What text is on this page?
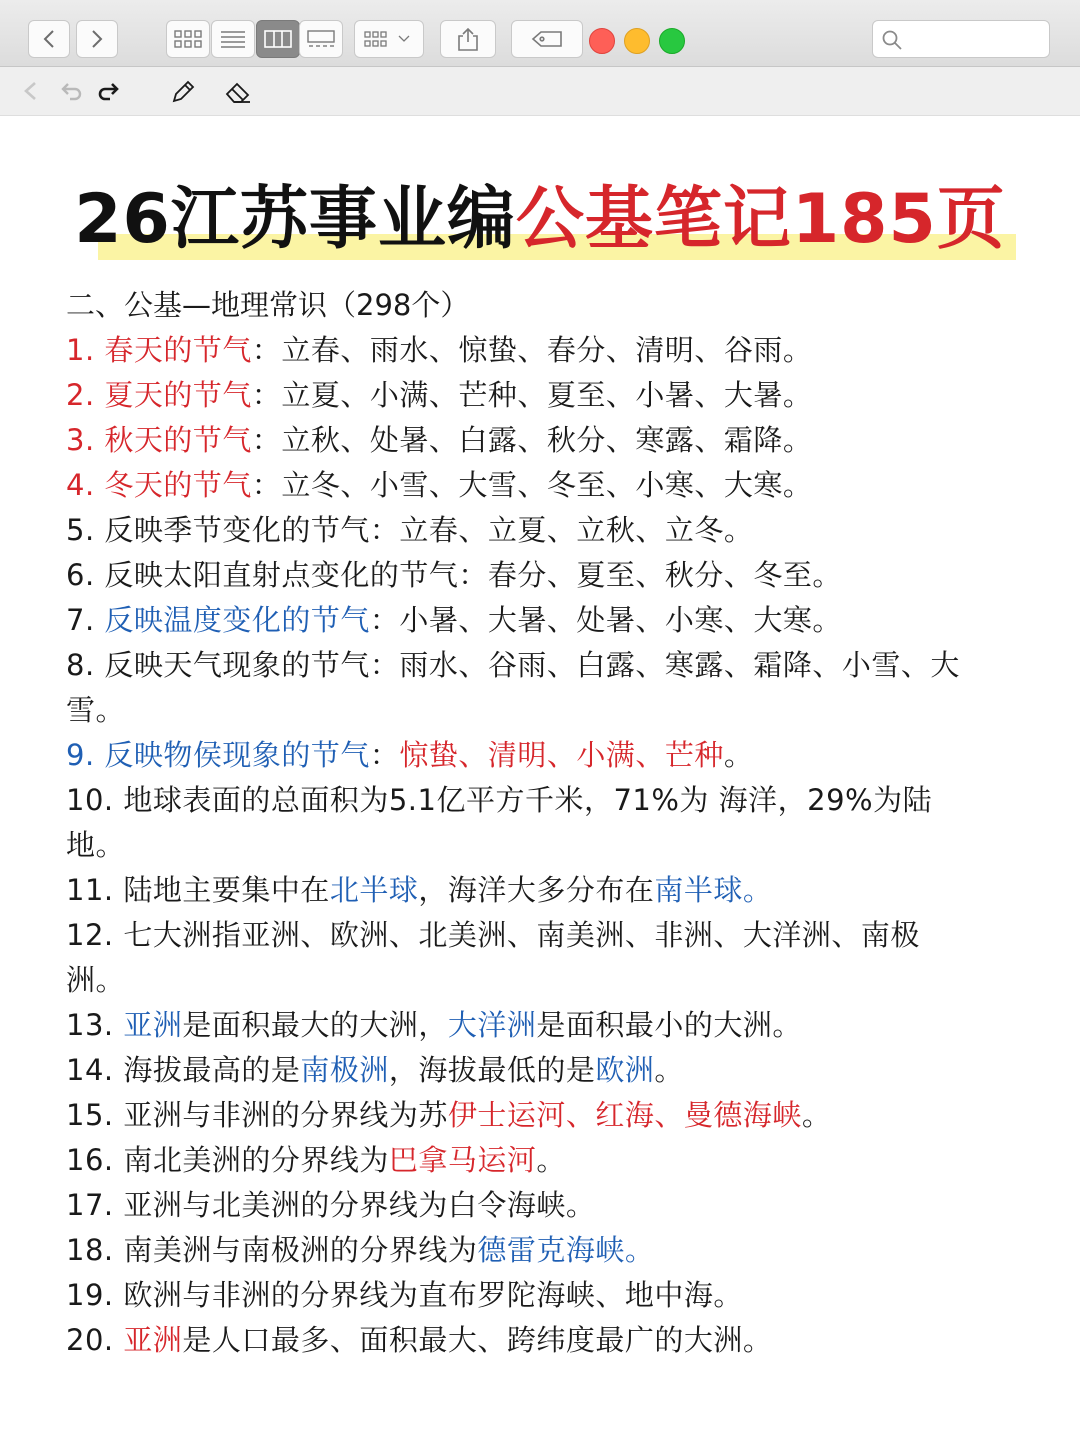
26江苏事业编公基笔记185页
二、公基—地理常识（298个）
1. 春天的节气：立春、雨水、惊蛰、春分、清明、谷雨。
2. 夏天的节气：立夏、小满、芒种、夏至、小暑、大暑。
3. 秋天的节气：立秋、处暑、白露、秋分、寒露、霜降。
4. 冬天的节气：立冬、小雪、大雪、冬至、小寒、大寒。
5. 反映季节变化的节气：立春、立夏、立秋、立冬。
6. 反映太阳直射点变化的节气：春分、夏至、秋分、冬至。
7. 反映温度变化的节气：小暑、大暑、处暑、小寒、大寒。
8. 反映天气现象的节气：雨水、谷雨、白露、寒露、霜降、小雪、大
雪。
9. 反映物侯现象的节气：惊蛰、清明、小满、芒种。
10. 地球表面的总面积为5.1亿平方千米，71%为 海洋，29%为陆
地。
11. 陆地主要集中在北半球，海洋大多分布在南半球。
12. 七大洲指亚洲、欧洲、北美洲、南美洲、非洲、大洋洲、南极
洲。
13. 亚洲是面积最大的大洲，大洋洲是面积最小的大洲。
14. 海拔最高的是南极洲，海拔最低的是欧洲。
15. 亚洲与非洲的分界线为苏伊士运河、红海、曼德海峡。
16. 南北美洲的分界线为巴拿马运河。
17. 亚洲与北美洲的分界线为白令海峡。
18. 南美洲与南极洲的分界线为德雷克海峡。
19. 欧洲与非洲的分界线为直布罗陀海峡、地中海。
20. 亚洲是人口最多、面积最大、跨纬度最广的大洲。
